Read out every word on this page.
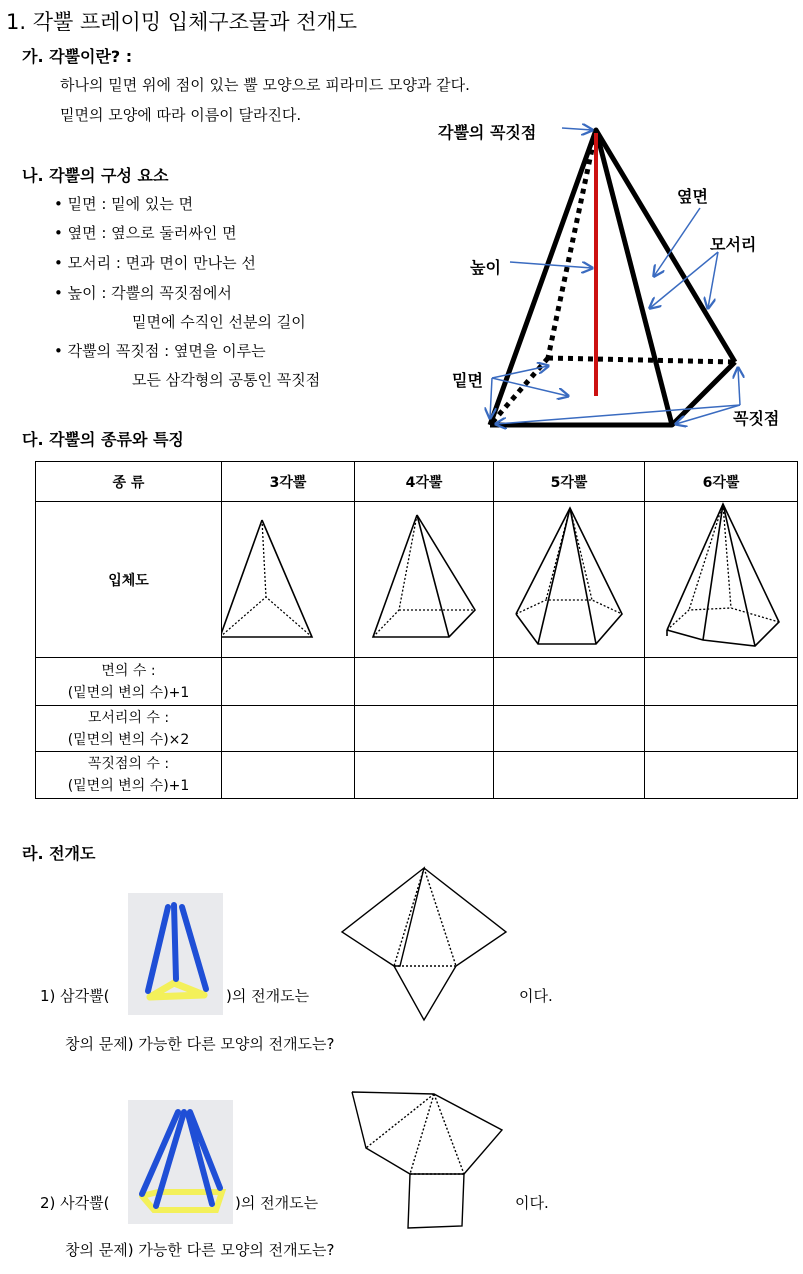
1. 각뿔 프레이밍 입체구조물과 전개도
가. 각뿔이란? :
하나의 밑면 위에 점이 있는 뿔 모양으로 피라미드 모양과 같다.
밑면의 모양에 따라 이름이 달라진다.
나. 각뿔의 구성 요소
• 밑면 : 밑에 있는 면
• 옆면 : 옆으로 둘러싸인 면
• 모서리 : 면과 면이 만나는 선
• 높이 : 각뿔의 꼭짓점에서
밑면에 수직인 선분의 길이
• 각뿔의 꼭짓점 : 옆면을 이루는
모든 삼각형의 공통인 꼭짓점
각뿔의 꼭짓점
옆면
모서리
높이
밑면
꼭짓점
다. 각뿔의 종류와 특징
종 류	3각뿔	4각뿔	5각뿔	6각뿔
입체도				

면의 수 :
(밑면의 변의 수)+1				

모서리의 수 :
(밑면의 변의 수)×2				

꼭짓점의 수 :
(밑면의 변의 수)+1				

라. 전개도
1) 삼각뿔(	)의 전개도는	이다.
창의 문제) 가능한 다른 모양의 전개도는?
2) 사각뿔(	)의 전개도는	이다.
창의 문제) 가능한 다른 모양의 전개도는?
